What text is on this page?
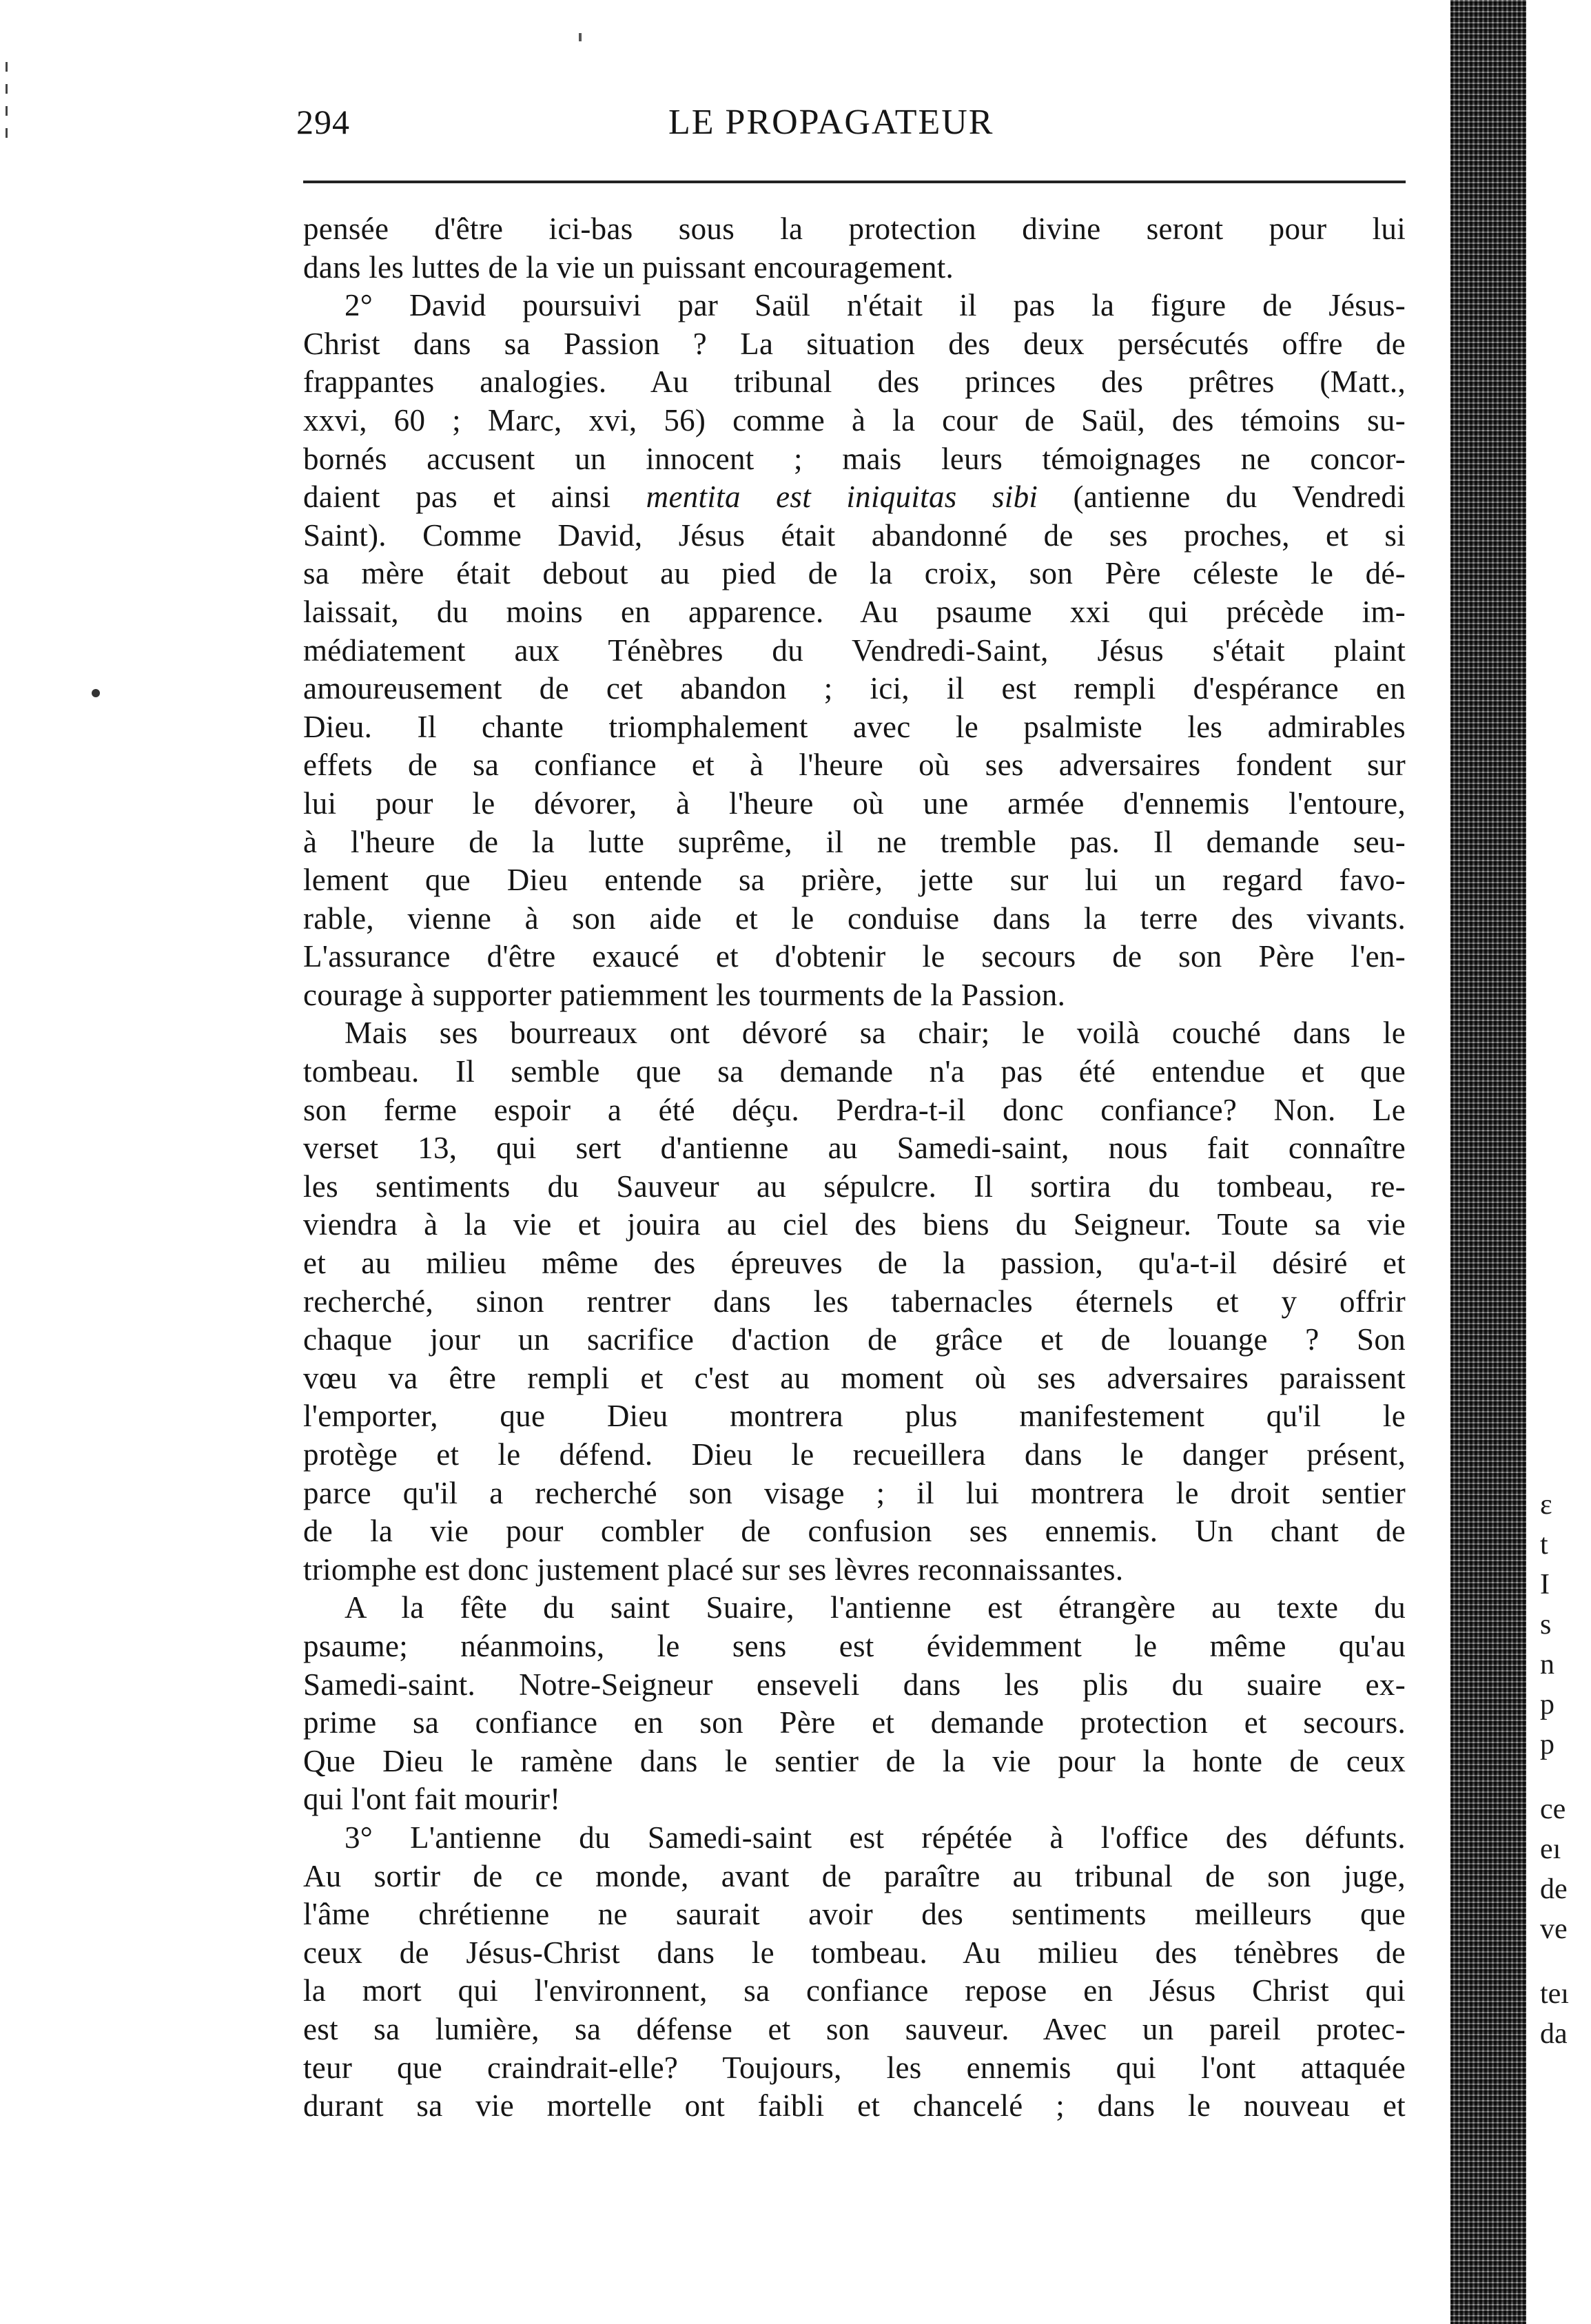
294	LE PROPAGATEUR
pensée d'être ici-bas sous la protection divine seront pour lui
dans les luttes de la vie un puissant encouragement.
2° David poursuivi par Saül n'était il pas la figure de Jésus-
Christ dans sa Passion ? La situation des deux persécutés offre de
frappantes analogies. Au tribunal des princes des prêtres (Matt.,
xxvi, 60 ; Marc, xvi, 56) comme à la cour de Saül, des témoins su-
bornés accusent un innocent ; mais leurs témoignages ne concor-
daient pas et ainsi mentita est iniquitas sibi (antienne du Vendredi
Saint). Comme David, Jésus était abandonné de ses proches, et si
sa mère était debout au pied de la croix, son Père céleste le dé-
laissait, du moins en apparence. Au psaume xxi qui précède im-
médiatement aux Ténèbres du Vendredi-Saint, Jésus s'était plaint
amoureusement de cet abandon ; ici, il est rempli d'espérance en
Dieu. Il chante triomphalement avec le psalmiste les admirables
effets de sa confiance et à l'heure où ses adversaires fondent sur
lui pour le dévorer, à l'heure où une armée d'ennemis l'entoure,
à l'heure de la lutte suprême, il ne tremble pas. Il demande seu-
lement que Dieu entende sa prière, jette sur lui un regard favo-
rable, vienne à son aide et le conduise dans la terre des vivants.
L'assurance d'être exaucé et d'obtenir le secours de son Père l'en-
courage à supporter patiemment les tourments de la Passion.
Mais ses bourreaux ont dévoré sa chair; le voilà couché dans le
tombeau. Il semble que sa demande n'a pas été entendue et que
son ferme espoir a été déçu. Perdra-t-il donc confiance? Non. Le
verset 13, qui sert d'antienne au Samedi-saint, nous fait connaître
les sentiments du Sauveur au sépulcre. Il sortira du tombeau, re-
viendra à la vie et jouira au ciel des biens du Seigneur. Toute sa vie
et au milieu même des épreuves de la passion, qu'a-t-il désiré et
recherché, sinon rentrer dans les tabernacles éternels et y offrir
chaque jour un sacrifice d'action de grâce et de louange ? Son
vœu va être rempli et c'est au moment où ses adversaires paraissent
l'emporter, que Dieu montrera plus manifestement qu'il le
protège et le défend. Dieu le recueillera dans le danger présent,
parce qu'il a recherché son visage ; il lui montrera le droit sentier
de la vie pour combler de confusion ses ennemis. Un chant de
triomphe est donc justement placé sur ses lèvres reconnaissantes.
A la fête du saint Suaire, l'antienne est étrangère au texte du
psaume; néanmoins, le sens est évidemment le même qu'au
Samedi-saint. Notre-Seigneur enseveli dans les plis du suaire ex-
prime sa confiance en son Père et demande protection et secours.
Que Dieu le ramène dans le sentier de la vie pour la honte de ceux
qui l'ont fait mourir!
3° L'antienne du Samedi-saint est répétée à l'office des défunts.
Au sortir de ce monde, avant de paraître au tribunal de son juge,
l'âme chrétienne ne saurait avoir des sentiments meilleurs que
ceux de Jésus-Christ dans le tombeau. Au milieu des ténèbres de
la mort qui l'environnent, sa confiance repose en Jésus Christ qui
est sa lumière, sa défense et son sauveur. Avec un pareil protec-
teur que craindrait-elle? Toujours, les ennemis qui l'ont attaquée
durant sa vie mortelle ont faibli et chancelé ; dans le nouveau et
ε
t
I
s
n
p
p
ce
eı
de
ve
teı
da
